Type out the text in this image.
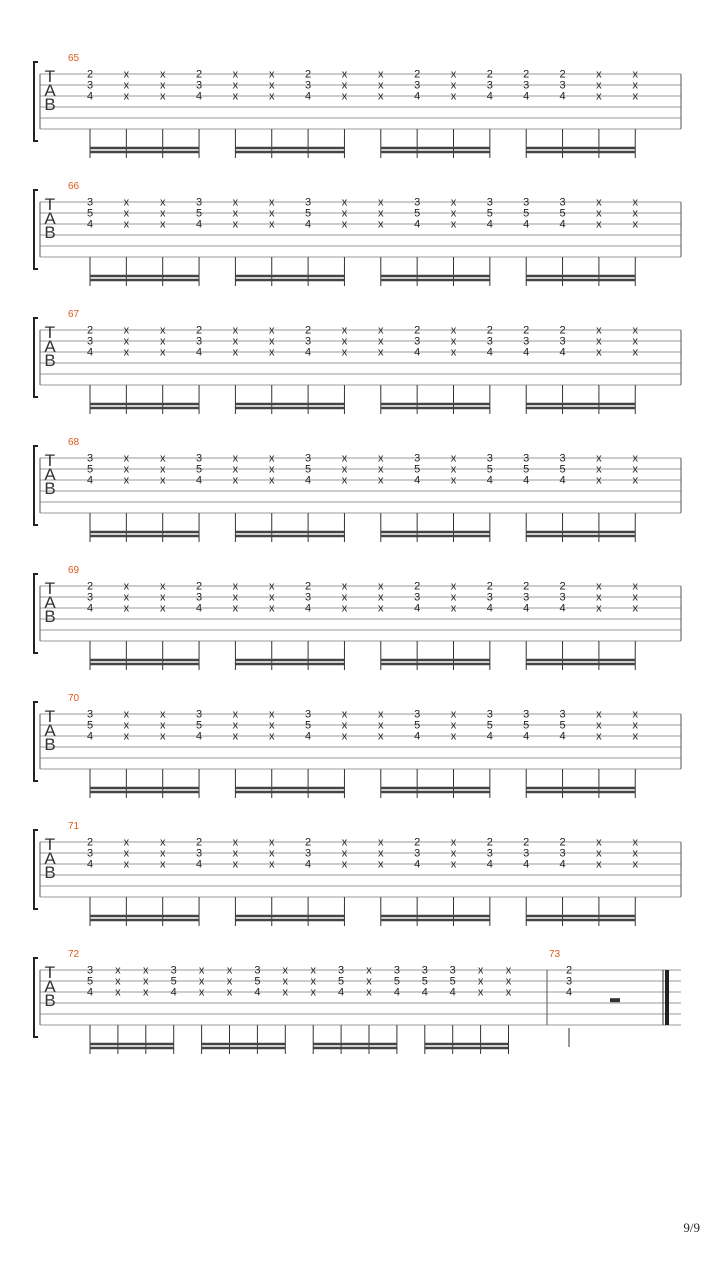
T
A
B
65
2
3
4
x
x
x
x
x
x
2
3
4
x
x
x
x
x
x
2
3
4
x
x
x
x
x
x
2
3
4
x
x
x
2
3
4
2
3
4
2
3
4
x
x
x
x
x
x
T
A
B
66
3
5
4
x
x
x
x
x
x
3
5
4
x
x
x
x
x
x
3
5
4
x
x
x
x
x
x
3
5
4
x
x
x
3
5
4
3
5
4
3
5
4
x
x
x
x
x
x
T
A
B
67
2
3
4
x
x
x
x
x
x
2
3
4
x
x
x
x
x
x
2
3
4
x
x
x
x
x
x
2
3
4
x
x
x
2
3
4
2
3
4
2
3
4
x
x
x
x
x
x
T
A
B
68
3
5
4
x
x
x
x
x
x
3
5
4
x
x
x
x
x
x
3
5
4
x
x
x
x
x
x
3
5
4
x
x
x
3
5
4
3
5
4
3
5
4
x
x
x
x
x
x
T
A
B
69
2
3
4
x
x
x
x
x
x
2
3
4
x
x
x
x
x
x
2
3
4
x
x
x
x
x
x
2
3
4
x
x
x
2
3
4
2
3
4
2
3
4
x
x
x
x
x
x
T
A
B
70
3
5
4
x
x
x
x
x
x
3
5
4
x
x
x
x
x
x
3
5
4
x
x
x
x
x
x
3
5
4
x
x
x
3
5
4
3
5
4
3
5
4
x
x
x
x
x
x
T
A
B
71
2
3
4
x
x
x
x
x
x
2
3
4
x
x
x
x
x
x
2
3
4
x
x
x
x
x
x
2
3
4
x
x
x
2
3
4
2
3
4
2
3
4
x
x
x
x
x
x
T
A
B
72
3
5
4
x
x
x
x
x
x
3
5
4
x
x
x
x
x
x
3
5
4
x
x
x
x
x
x
3
5
4
x
x
x
3
5
4
3
5
4
3
5
4
x
x
x
x
x
x
73
2
3
4
9/9
